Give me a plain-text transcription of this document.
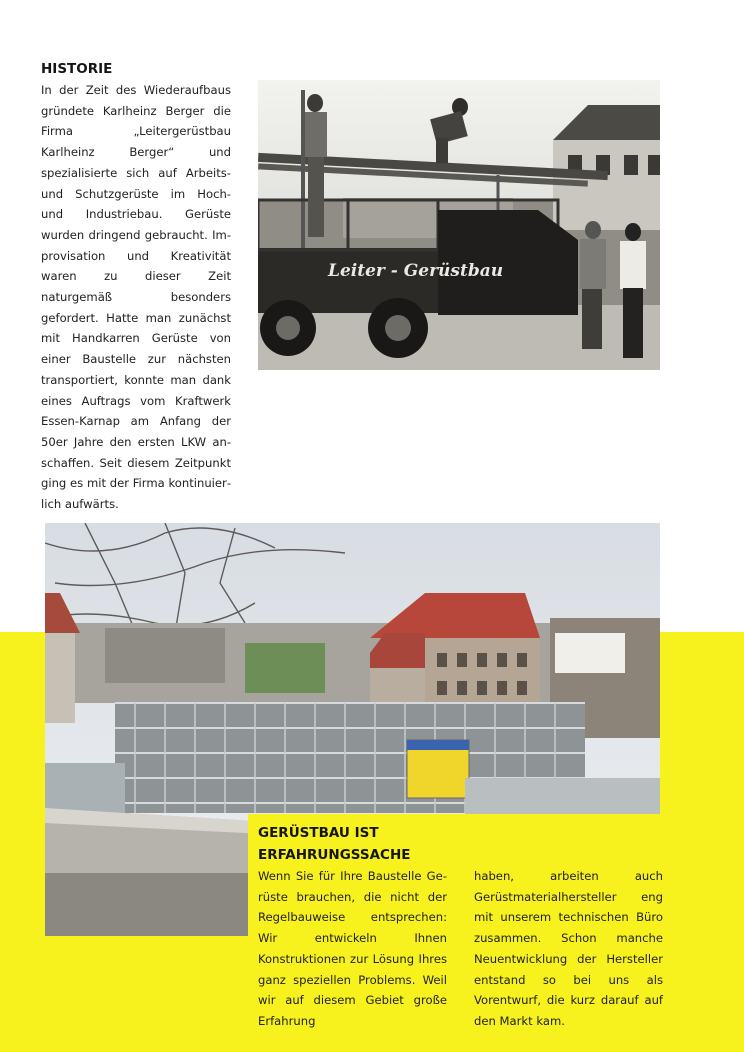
HISTORIE

In der Zeit des Wiederaufbaus gründete Karlheinz Berger die Firma „Leitergerüstbau Karlheinz Berger“ und spezialisierte sich auf Arbeits- und Schutzgerüste im Hoch- und Industriebau. Gerüste wurden dringend gebraucht. Improvisation und Kreativität waren zu dieser Zeit naturgemäß besonders gefordert. Hatte man zunächst mit Handkarren Gerüste von einer Baustelle zur nächsten transportiert, konnte man dank eines Auftrags vom Kraftwerk Essen-Karnap am Anfang der 50er Jahre den ersten LKW anschaffen. Seit diesem Zeitpunkt ging es mit der Firma kontinuierlich aufwärts.

Leiter - Gerüstbau
GERÜSTBAU IST
ERFAHRUNGSSACHE

Wenn Sie für Ihre Baustelle Gerüste brauchen, die nicht der Regelbauweise entsprechen: Wir entwickeln Ihnen Konstruktionen zur Lösung Ihres ganz speziellen Problems. Weil wir auf diesem Gebiet große Erfahrung

haben, arbeiten auch Gerüstmaterialhersteller eng mit unserem technischen Büro zusammen. Schon manche Neuentwicklung der Hersteller entstand so bei uns als Vorentwurf, die kurz darauf auf den Markt kam.
